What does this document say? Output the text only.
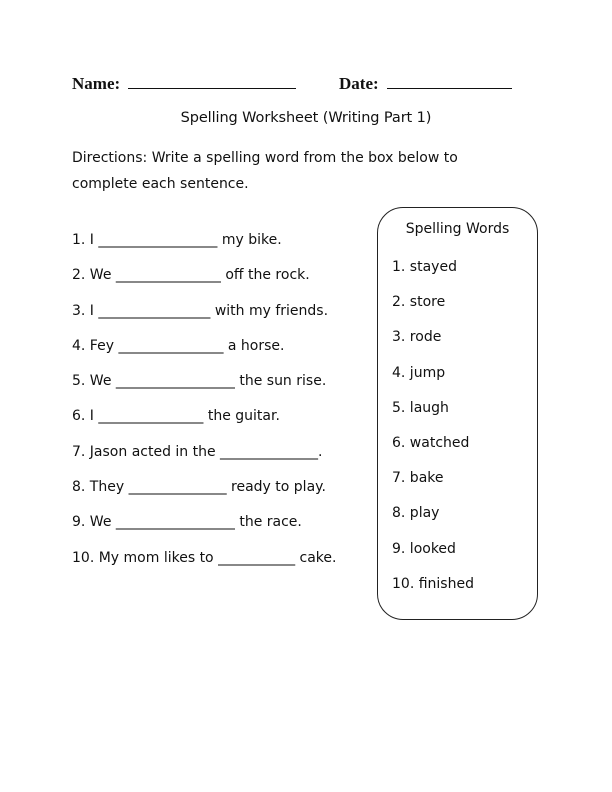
Name:	Date:
Spelling Worksheet (Writing Part 1)
Directions: Write a spelling word from the box below to complete each sentence.
1. I _________________ my bike.
2. We _______________ off the rock.
3. I ________________ with my friends.
4. Fey _______________ a horse.
5. We _________________ the sun rise.
6. I _______________ the guitar.
7. Jason acted in the ______________.
8. They ______________ ready to play.
9. We _________________ the race.
10. My mom likes to ___________ cake.
Spelling Words
1. stayed
2. store
3. rode
4. jump
5. laugh
6. watched
7. bake
8. play
9. looked
10. finished
